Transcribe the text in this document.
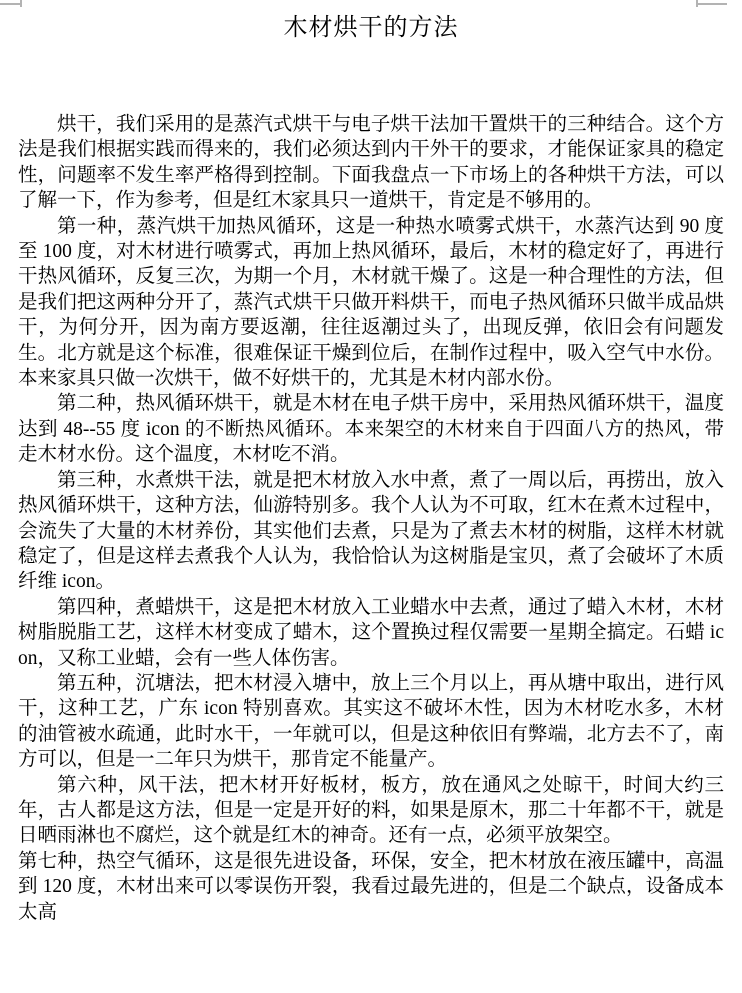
木材烘干的方法

烘干，我们采用的是蒸汽式烘干与电子烘干法加干置烘干的三种结合。这个方法是我们根据实践而得来的，我们必须达到内干外干的要求，才能保证家具的稳定性，问题率不发生率严格得到控制。下面我盘点一下市场上的各种烘干方法，可以了解一下，作为参考，但是红木家具只一道烘干，肯定是不够用的。

第一种，蒸汽烘干加热风循环，这是一种热水喷雾式烘干，水蒸汽达到 90 度至 100 度，对木材进行喷雾式，再加上热风循环，最后，木材的稳定好了，再进行干热风循环，反复三次，为期一个月，木材就干燥了。这是一种合理性的方法，但是我们把这两种分开了，蒸汽式烘干只做开料烘干，而电子热风循环只做半成品烘干，为何分开，因为南方要返潮，往往返潮过头了，出现反弹，依旧会有问题发生。北方就是这个标准，很难保证干燥到位后，在制作过程中，吸入空气中水份。本来家具只做一次烘干，做不好烘干的，尤其是木材内部水份。

第二种，热风循环烘干，就是木材在电子烘干房中，采用热风循环烘干，温度达到 48--55 度 icon 的不断热风循环。本来架空的木材来自于四面八方的热风，带走木材水份。这个温度，木材吃不消。

第三种，水煮烘干法，就是把木材放入水中煮，煮了一周以后，再捞出，放入热风循环烘干，这种方法，仙游特别多。我个人认为不可取，红木在煮木过程中，会流失了大量的木材养份，其实他们去煮，只是为了煮去木材的树脂，这样木材就稳定了，但是这样去煮我个人认为，我恰恰认为这树脂是宝贝，煮了会破坏了木质纤维 icon。

第四种，煮蜡烘干，这是把木材放入工业蜡水中去煮，通过了蜡入木材，木材树脂脱脂工艺，这样木材变成了蜡木，这个置换过程仅需要一星期全搞定。石蜡 icon，又称工业蜡，会有一些人体伤害。

第五种，沉塘法，把木材浸入塘中，放上三个月以上，再从塘中取出，进行风干，这种工艺，广东 icon 特别喜欢。其实这不破坏木性，因为木材吃水多，木材的油管被水疏通，此时水干，一年就可以，但是这种依旧有弊端，北方去不了，南方可以，但是一二年只为烘干，那肯定不能量产。

第六种，风干法，把木材开好板材，板方，放在通风之处晾干，时间大约三年，古人都是这方法，但是一定是开好的料，如果是原木，那二十年都不干，就是日晒雨淋也不腐烂，这个就是红木的神奇。还有一点，必须平放架空。

第七种，热空气循环，这是很先进设备，环保，安全，把木材放在液压罐中，高温到 120 度，木材出来可以零误伤开裂，我看过最先进的，但是二个缺点，设备成本太高
